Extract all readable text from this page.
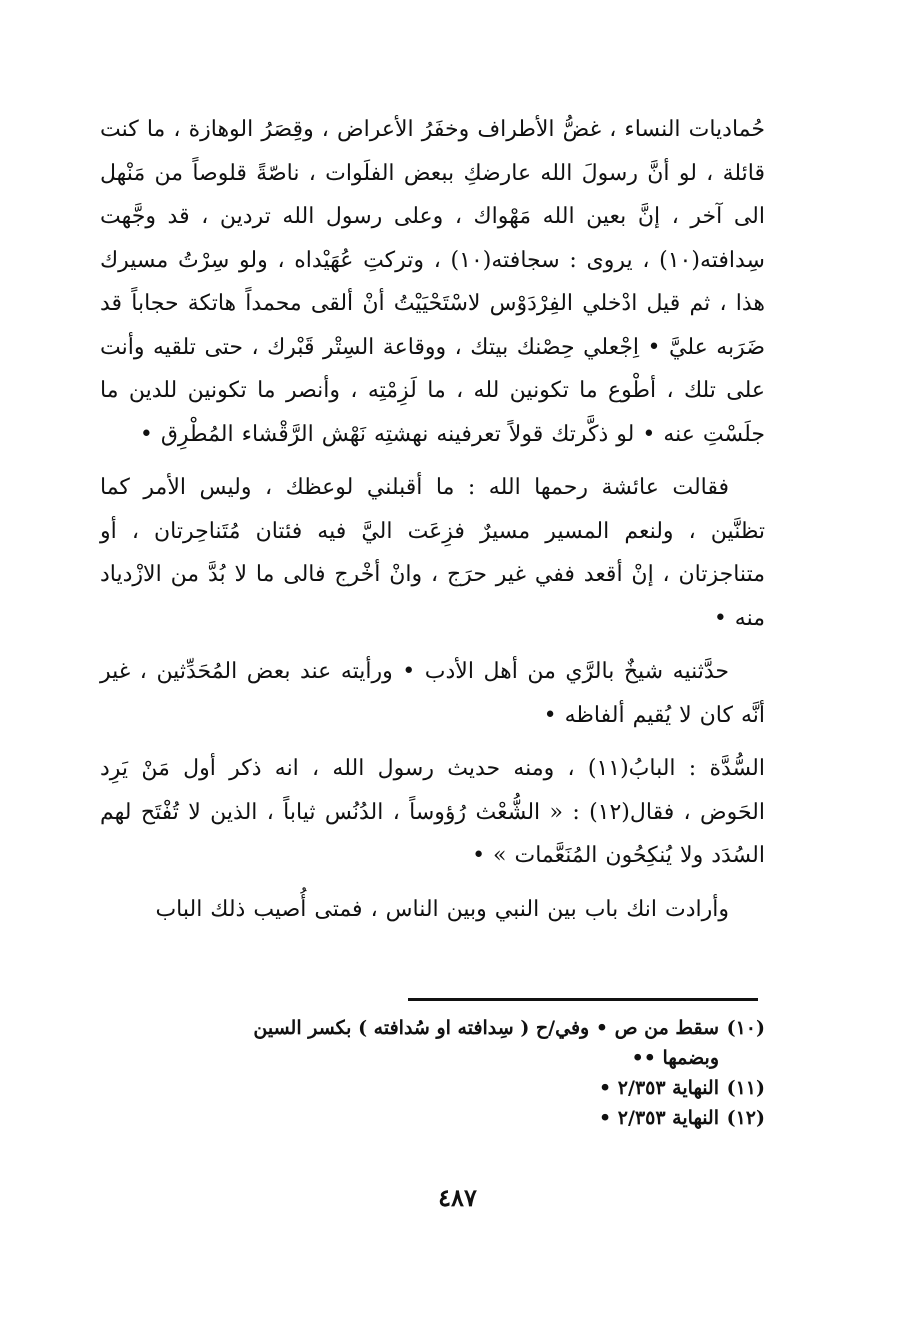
حُماديات النساء ، غضُّ الأطراف وخفَرُ الأعراض ، وقِصَرُ الوهازة ، ما كنت قائلة ، لو أنَّ رسولَ الله عارضكِ ببعض الفلَوات ، ناصّةً قلوصاً من مَنْهل الى آخر ، إنَّ بعين الله مَهْواك ، وعلى رسول الله تردين ، قد وجَّهت سِدافته(١٠) ، يروى : سجافته(١٠) ، وتركتِ عُهَيْداه ، ولو سِرْتُ مسيرك هذا ، ثم قيل ادْخلي الفِرْدَوْس لاسْتَحْيَيْتُ أنْ ألقى محمداً هاتكة حجاباً قد ضَرَبه عليَّ • اِجْعلي حِصْنك بيتك ، ووقاعة السِتْر قَبْرك ، حتى تلقيه وأنت على تلك ، أطْوع ما تكونين لله ، ما لَزِمْتِه ، وأنصر ما تكونين للدين ما جلَسْتِ عنه • لو ذكَّرتك قولاً تعرفينه نهشتِه نَهْش الرَّقْشاء المُطْرِق •

فقالت عائشة رحمها الله : ما أقبلني لوعظك ، وليس الأمر كما تظنَّين ، ولنعم المسير مسيرٌ فزِعَت اليَّ فيه فئتان مُتَناحِرتان ، أو متناجزتان ، إنْ أقعد ففي غير حرَج ، وانْ أخْرج فالى ما لا بُدَّ من الازْدياد منه •

حدَّثنيه شيخٌ بالرَّي من أهل الأدب • ورأيته عند بعض المُحَدِّثين ، غير أنَّه كان لا يُقيم ألفاظه •

السُّدَّة : البابُ(١١) ، ومنه حديث رسول الله ، انه ذكر أول مَنْ يَرِد الحَوض ، فقال(١٢) : « الشُّعْث رُؤوساً ، الدُنُس ثياباً ، الذين لا تُفْتَح لهم السُدَد ولا يُنكِحُون المُنَعَّمات » •

وأرادت انك باب بين النبي وبين الناس ، فمتى أُصيب ذلك الباب

(١٠)سقط من ص • وفي/ح ( سِدافته او سُدافته ) بكسر السين

وبضمها ••

(١١)النهاية ٢/٣٥٣ •

(١٢)النهاية ٢/٣٥٣ •

٤٨٧
